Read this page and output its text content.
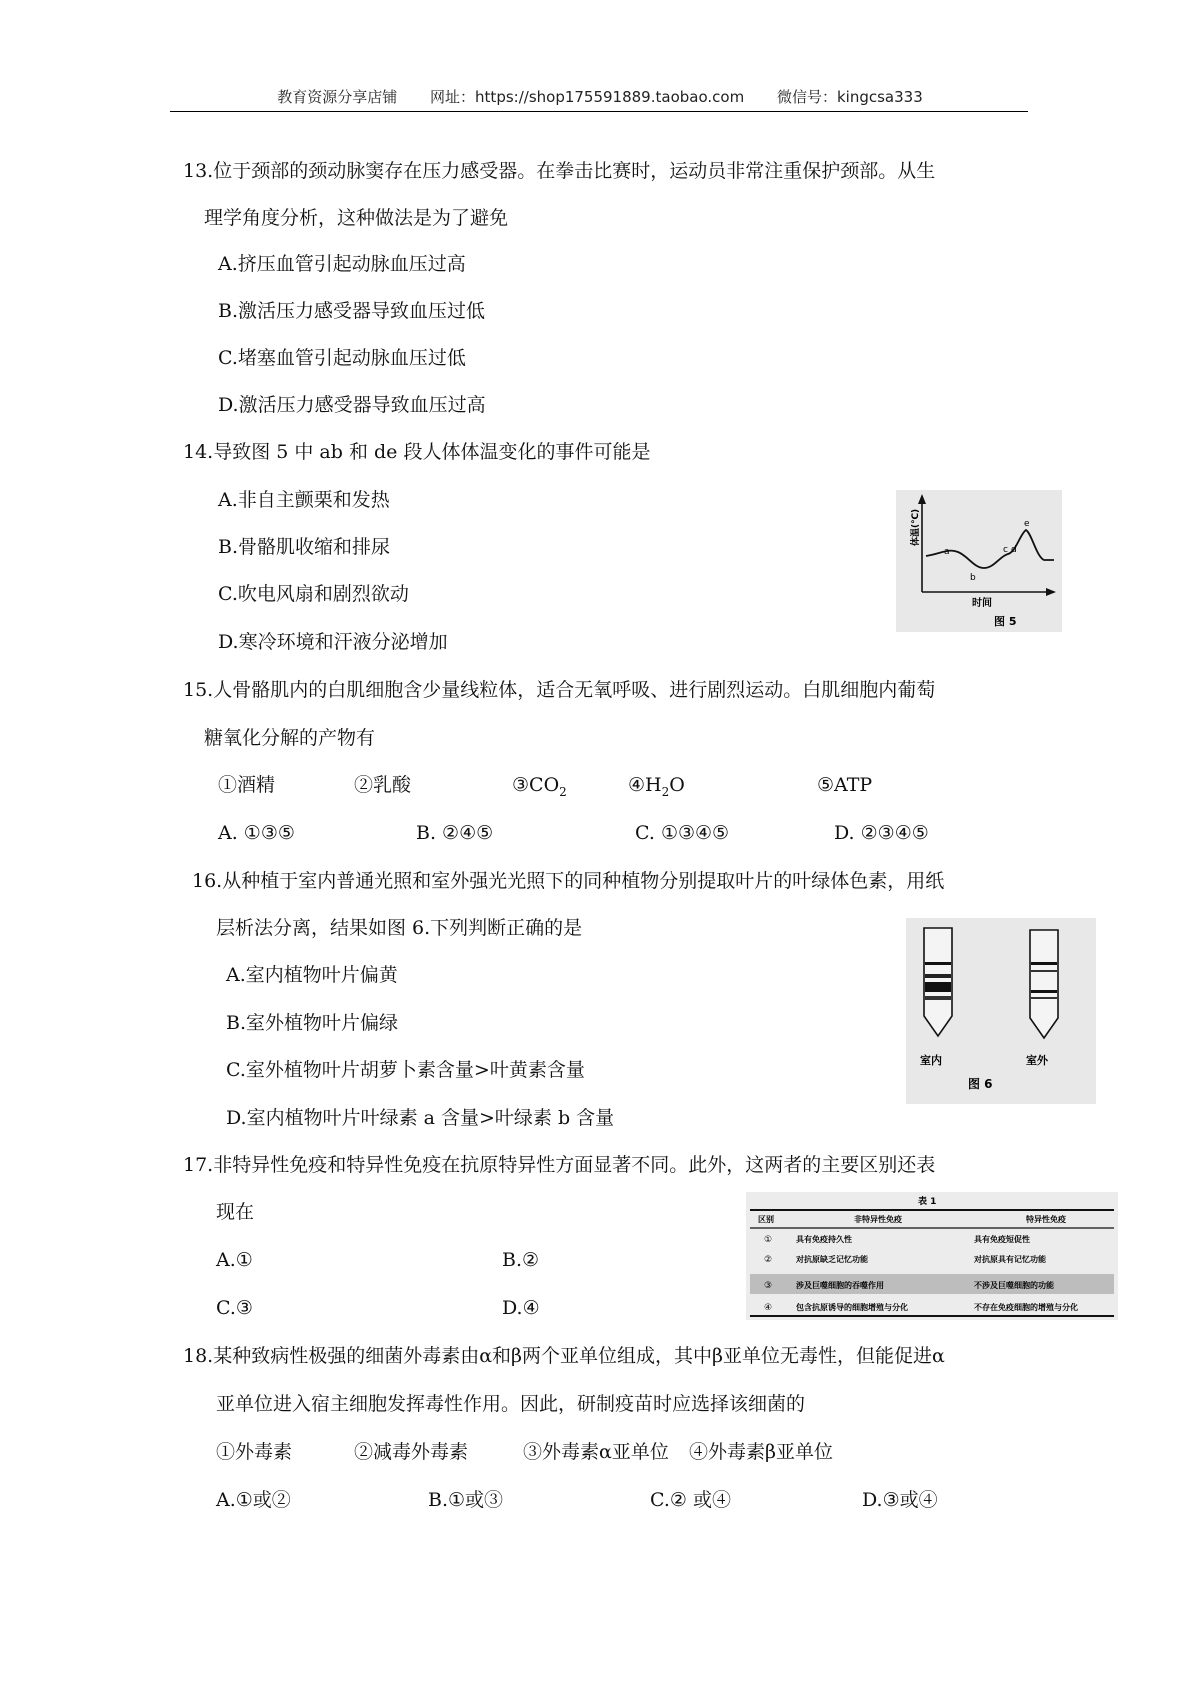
教育资源分享店铺 网址：https://shop175591889.taobao.com 微信号：kingcsa333
13.位于颈部的颈动脉窦存在压力感受器。在拳击比赛时，运动员非常注重保护颈部。从生
理学角度分析，这种做法是为了避免
A.挤压血管引起动脉血压过高
B.激活压力感受器导致血压过低
C.堵塞血管引起动脉血压过低
D.激活压力感受器导致血压过高
14.导致图 5 中 ab 和 de 段人体体温变化的事件可能是
A.非自主颤栗和发热
B.骨骼肌收缩和排尿
C.吹电风扇和剧烈欲动
D.寒冷环境和汗液分泌增加
a
b
c d
e
体温(℃)
时间
图 5
15.人骨骼肌内的白肌细胞含少量线粒体，适合无氧呼吸、进行剧烈运动。白肌细胞内葡萄
糖氧化分解的产物有
①酒精	②乳酸	$③CO_2$	$④H_2O$	⑤ATP
A. ①③⑤	B. ②④⑤	C. ①③④⑤	D. ②③④⑤
16.从种植于室内普通光照和室外强光光照下的同种植物分别提取叶片的叶绿体色素，用纸
层析法分离，结果如图 6.下列判断正确的是
A.室内植物叶片偏黄
B.室外植物叶片偏绿
C.室外植物叶片胡萝卜素含量>叶黄素含量
D.室内植物叶片叶绿素 a 含量>叶绿素 b 含量
室内	室外
图 6
17.非特异性免疫和特异性免疫在抗原特异性方面显著不同。此外，这两者的主要区别还表
现在
A.①	B.②
C.③	D.④
表 1
区别	非特异性免疫	特异性免疫
①	具有免疫持久性	具有免疫短促性
②	对抗原缺乏记忆功能	对抗原具有记忆功能
③	涉及巨噬细胞的吞噬作用	不涉及巨噬细胞的功能
④	包含抗原诱导的细胞增殖与分化	不存在免疫细胞的增殖与分化
18.某种致病性极强的细菌外毒素由α和β两个亚单位组成，其中β亚单位无毒性，但能促进α
亚单位进入宿主细胞发挥毒性作用。因此，研制疫苗时应选择该细菌的
①外毒素	②减毒外毒素	③外毒素α亚单位 ④外毒素β亚单位
A.①或②	B.①或③	C.② 或④	D.③或④
